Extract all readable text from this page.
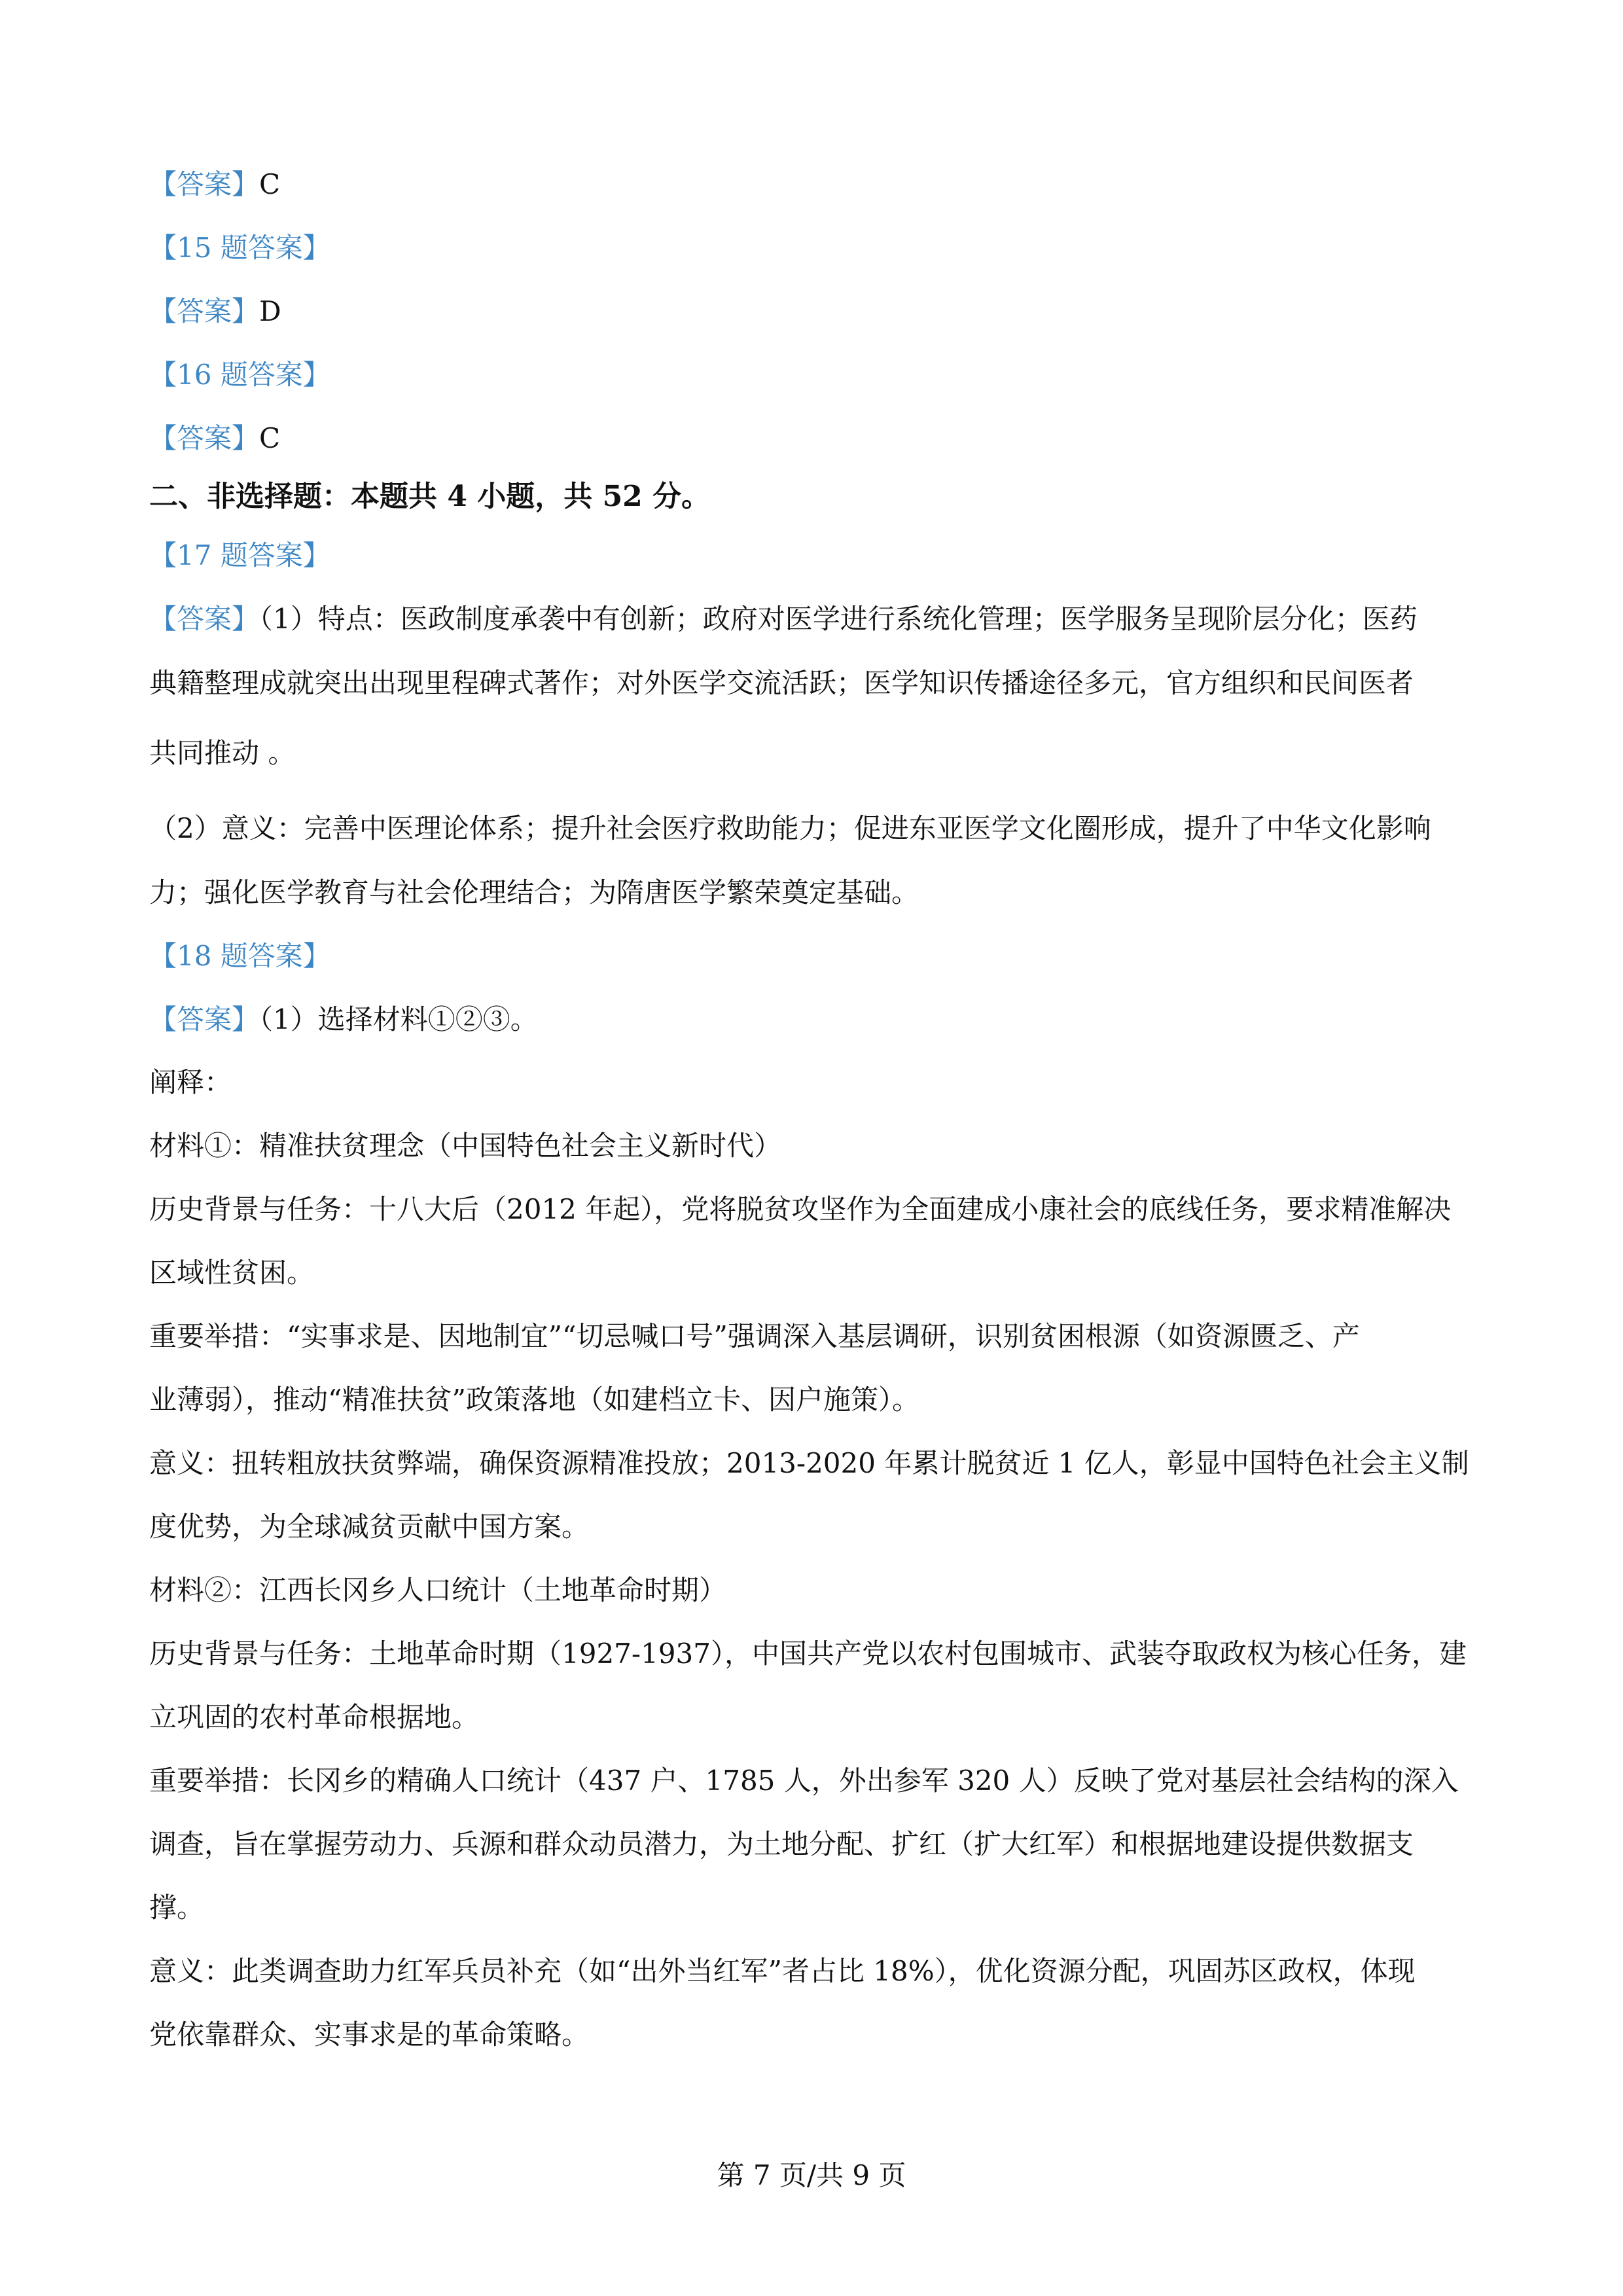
【答案】C
【15 题答案】
【答案】D
【16 题答案】
【答案】C
二、非选择题：本题共 4 小题，共 52 分。
【17 题答案】
【答案】（1）特点：医政制度承袭中有创新；政府对医学进行系统化管理；医学服务呈现阶层分化；医药
典籍整理成就突出出现里程碑式著作；对外医学交流活跃；医学知识传播途径多元，官方组织和民间医者
共同推动 。
（2）意义：完善中医理论体系；提升社会医疗救助能力；促进东亚医学文化圈形成，提升了中华文化影响
力；强化医学教育与社会伦理结合；为隋唐医学繁荣奠定基础。
【18 题答案】
【答案】（1）选择材料①②③。
阐释：
材料①：精准扶贫理念（中国特色社会主义新时代）
历史背景与任务：十八大后（2012 年起），党将脱贫攻坚作为全面建成小康社会的底线任务，要求精准解决
区域性贫困。
重要举措：“实事求是、因地制宜”“切忌喊口号”强调深入基层调研，识别贫困根源（如资源匮乏、产
业薄弱），推动“精准扶贫”政策落地（如建档立卡、因户施策）。
意义：扭转粗放扶贫弊端，确保资源精准投放；2013-2020 年累计脱贫近 1 亿人，彰显中国特色社会主义制
度优势，为全球减贫贡献中国方案。
材料②：江西长冈乡人口统计（土地革命时期）
历史背景与任务：土地革命时期（1927-1937），中国共产党以农村包围城市、武装夺取政权为核心任务，建
立巩固的农村革命根据地。
重要举措：长冈乡的精确人口统计（437 户、1785 人，外出参军 320 人）反映了党对基层社会结构的深入
调查，旨在掌握劳动力、兵源和群众动员潜力，为土地分配、扩红（扩大红军）和根据地建设提供数据支
撑。
意义：此类调查助力红军兵员补充（如“出外当红军”者占比 18%），优化资源分配，巩固苏区政权，体现
党依靠群众、实事求是的革命策略。
第 7 页/共 9 页
